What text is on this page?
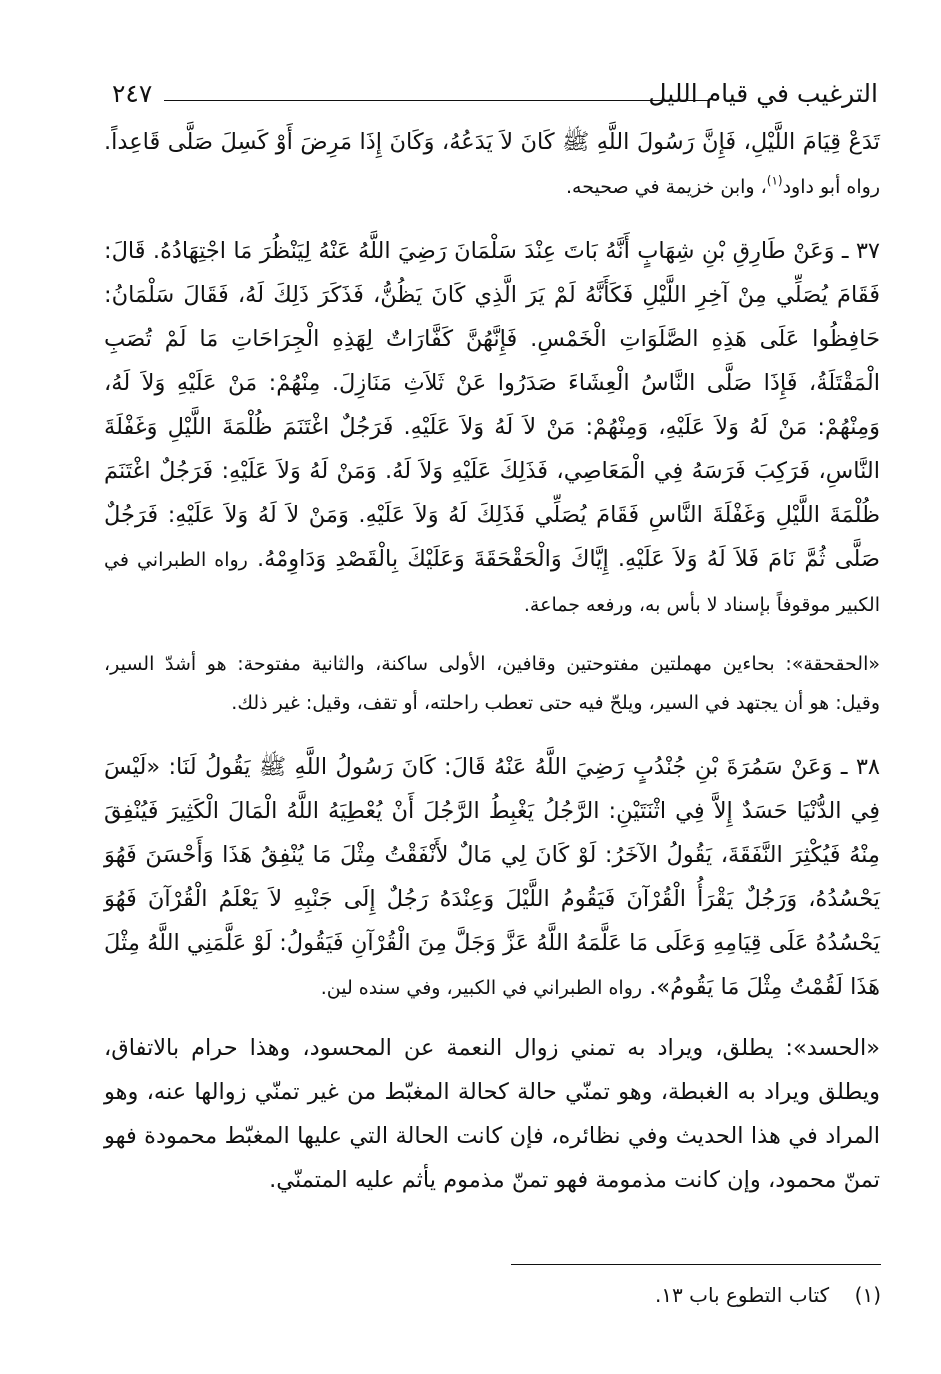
الترغيب في قيام الليل
٢٤٧

تَدَعْ قِيَامَ اللَّيْلِ، فَإِنَّ رَسُولَ اللَّهِ ﷺ كَانَ لاَ يَدَعُهُ، وَكَانَ إِذَا مَرِضَ أَوْ كَسِلَ صَلَّى قَاعِداً. رواه أبو داود$^{(١)}$، وابن خزيمة في صحيحه.

٣٧ ـ وَعَنْ طَارِقِ بْنِ شِهَابٍ أَنَّهُ بَاتَ عِنْدَ سَلْمَانَ رَضِيَ اللَّهُ عَنْهُ لِيَنْظُرَ مَا اجْتِهَادُهُ. قَالَ: فَقَامَ يُصَلِّي مِنْ آخِرِ اللَّيْلِ فَكَأَنَّهُ لَمْ يَرَ الَّذِي كَانَ يَظُنُّ، فَذَكَرَ ذَلِكَ لَهُ، فَقَالَ سَلْمَانُ: حَافِظُوا عَلَى هَذِهِ الصَّلَوَاتِ الْخَمْسِ. فَإِنَّهُنَّ كَفَّارَاتٌ لِهَذِهِ الْجِرَاحَاتِ مَا لَمْ تُصَبِ الْمَقْتَلَةُ، فَإِذَا صَلَّى النَّاسُ الْعِشَاءَ صَدَرُوا عَنْ ثَلاَثِ مَنَازِلَ. مِنْهُمْ: مَنْ عَلَيْهِ وَلاَ لَهُ، وَمِنْهُمْ: مَنْ لَهُ وَلاَ عَلَيْهِ، وَمِنْهُمْ: مَنْ لاَ لَهُ وَلاَ عَلَيْهِ. فَرَجُلٌ اغْتَنَمَ ظُلْمَةَ اللَّيْلِ وَغَفْلَةَ النَّاسِ، فَرَكِبَ فَرَسَهُ فِي الْمَعَاصِي، فَذَلِكَ عَلَيْهِ وَلاَ لَهُ. وَمَنْ لَهُ وَلاَ عَلَيْهِ: فَرَجُلٌ اغْتَنَمَ ظُلْمَةَ اللَّيْلِ وَغَفْلَةَ النَّاسِ فَقَامَ يُصَلِّي فَذَلِكَ لَهُ وَلاَ عَلَيْهِ. وَمَنْ لاَ لَهُ وَلاَ عَلَيْهِ: فَرَجُلٌ صَلَّى ثُمَّ نَامَ فَلاَ لَهُ وَلاَ عَلَيْهِ. إِيَّاكَ وَالْحَقْحَقَةَ وَعَلَيْكَ بِالْقَصْدِ وَدَاوِمْهُ. رواه الطبراني في الكبير موقوفاً بإسناد لا بأس به، ورفعه جماعة.

«الحقحقة»: بحاءين مهملتين مفتوحتين وقافين، الأولى ساكنة، والثانية مفتوحة: هو أشدّ السير، وقيل: هو أن يجتهد في السير، ويلحّ فيه حتى تعطب راحلته، أو تقف، وقيل: غير ذلك.

٣٨ ـ وَعَنْ سَمُرَةَ بْنِ جُنْدُبٍ رَضِيَ اللَّهُ عَنْهُ قَالَ: كَانَ رَسُولُ اللَّهِ ﷺ يَقُولُ لَنَا: «لَيْسَ فِي الدُّنْيَا حَسَدٌ إِلاَّ فِي اثْنَتَيْنِ: الرَّجُلُ يَغْبِطُ الرَّجُلَ أَنْ يُعْطِيَهُ اللَّهُ الْمَالَ الْكَثِيرَ فَيُنْفِقَ مِنْهُ فَيُكْثِرَ النَّفَقَةَ، يَقُولُ الآخَرُ: لَوْ كَانَ لِي مَالٌ لأَنْفَقْتُ مِثْلَ مَا يُنْفِقُ هَذَا وَأَحْسَنَ فَهُوَ يَحْسُدُهُ، وَرَجُلٌ يَقْرَأُ الْقُرْآنَ فَيَقُومُ اللَّيْلَ وَعِنْدَهُ رَجُلٌ إِلَى جَنْبِهِ لاَ يَعْلَمُ الْقُرْآنَ فَهُوَ يَحْسُدُهُ عَلَى قِيَامِهِ وَعَلَى مَا عَلَّمَهُ اللَّهُ عَزَّ وَجَلَّ مِنَ الْقُرْآنِ فَيَقُولُ: لَوْ عَلَّمَنِي اللَّهُ مِثْلَ هَذَا لَقُمْتُ مِثْلَ مَا يَقُومُ». رواه الطبراني في الكبير، وفي سنده لين.

«الحسد»: يطلق، ويراد به تمني زوال النعمة عن المحسود، وهذا حرام بالاتفاق، ويطلق ويراد به الغبطة، وهو تمنّي حالة كحالة المغبّط من غير تمنّي زوالها عنه، وهو المراد في هذا الحديث وفي نظائره، فإن كانت الحالة التي عليها المغبّط محمودة فهو تمنّ محمود، وإن كانت مذمومة فهو تمنّ مذموم يأثم عليه المتمنّي.

(١)    كتاب التطوع باب ١٣.
